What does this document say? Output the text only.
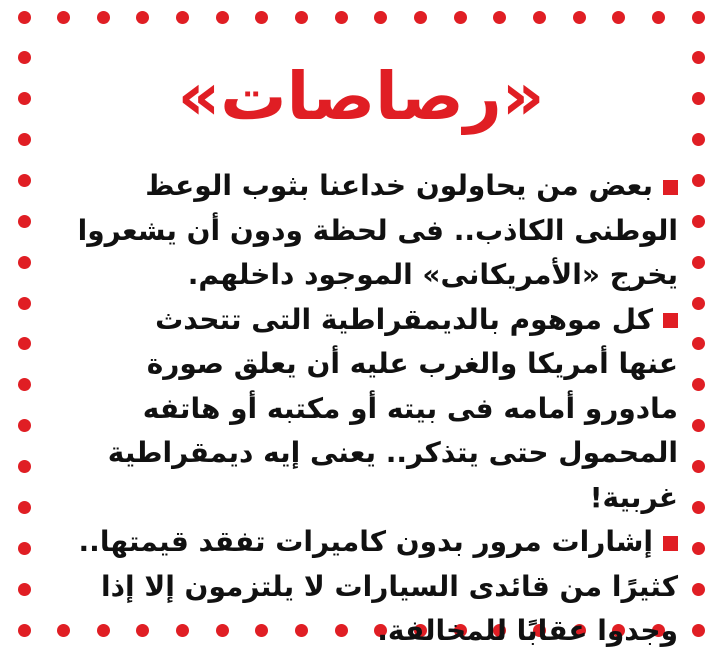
«رصاصات»

بعض من يحاولون خداعنا بثوب الوعظ
الوطنى الكاذب.. فى لحظة ودون أن يشعروا
يخرج «الأمريكانى» الموجود داخلهم.

كل موهوم بالديمقراطية التى تتحدث
عنها أمريكا والغرب عليه أن يعلق صورة
مادورو أمامه فى بيته أو مكتبه أو هاتفه
المحمول حتى يتذكر.. يعنى إيه ديمقراطية
غربية!

إشارات مرور بدون كاميرات تفقد قيمتها..
كثيرًا من قائدى السيارات لا يلتزمون إلا إذا
وجدوا عقابًا للمخالفة.
